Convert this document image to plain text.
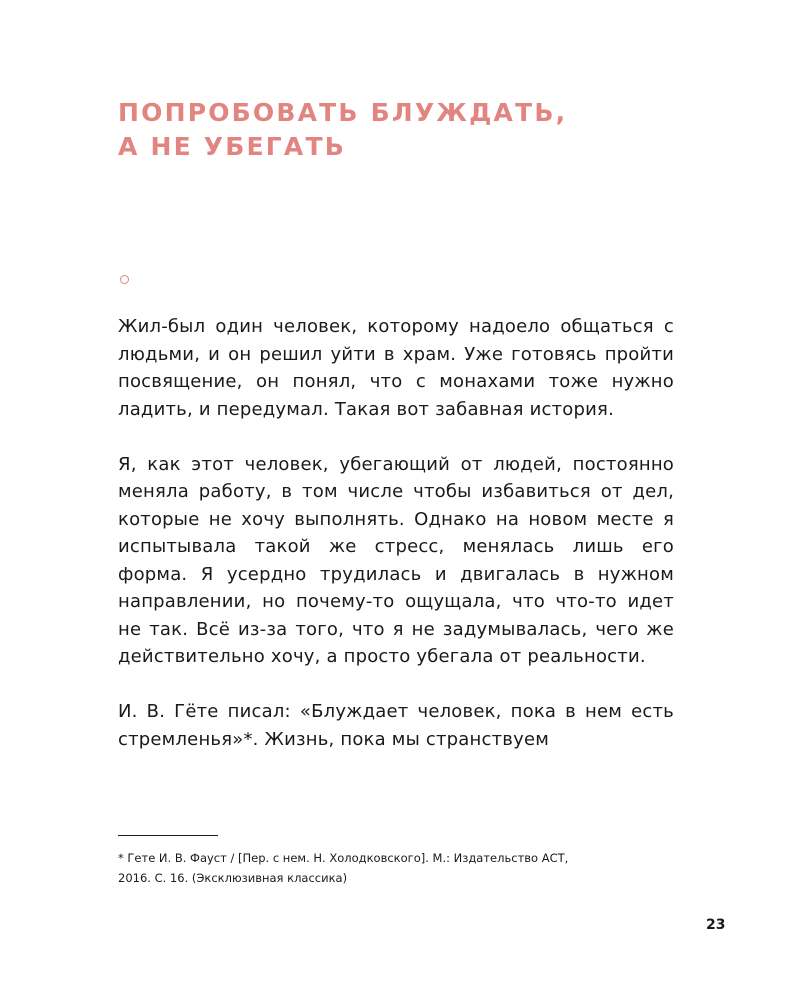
ПОПРОБОВАТЬ БЛУЖДАТЬ,
А НЕ УБЕГАТЬ

Жил-был один человек, которому надоело общаться с людьми, и он решил уйти в храм. Уже готовясь пройти посвящение, он понял, что с монахами тоже нужно ладить, и передумал. Такая вот забавная история.

Я, как этот человек, убегающий от людей, постоянно меняла работу, в том числе чтобы избавиться от дел, которые не хочу выполнять. Однако на новом месте я испытывала такой же стресс, менялась лишь его форма. Я усердно трудилась и двигалась в нужном направлении, но почему-то ощущала, что что-то идет не так. Всё из-за того, что я не задумывалась, чего же действительно хочу, а просто убегала от реальности.

И. В. Гёте писал: «Блуждает человек, пока в нем есть стремленья»*. Жизнь, пока мы странствуем

* Гете И. В. Фауст / [Пер. с нем. Н. Холодковского]. М.: Издательство АСТ,
2016. С. 16. (Эксклюзивная классика)
23
